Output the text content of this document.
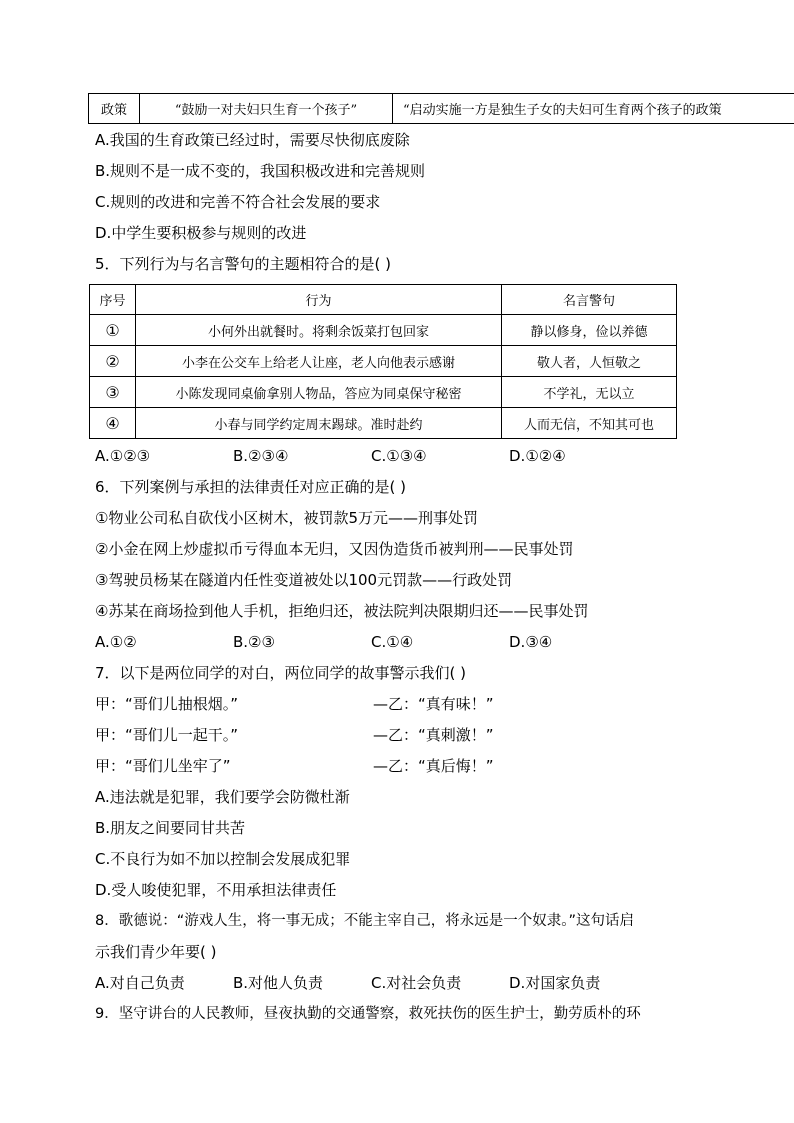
政策	“鼓励一对夫妇只生育一个孩子”	“启动实施一方是独生子女的夫妇可生育两个孩子的政策
A.我国的生育政策已经过时，需要尽快彻底废除
B.规则不是一成不变的，我国积极改进和完善规则
C.规则的改进和完善不符合社会发展的要求
D.中学生要积极参与规则的改进
5．下列行为与名言警句的主题相符合的是( )
序号	行为	名言警句
①	小何外出就餐时。将剩余饭菜打包回家	静以修身，俭以养德
②	小李在公交车上给老人让座，老人向他表示感谢	敬人者，人恒敬之
③	小陈发现同桌偷拿别人物品，答应为同桌保守秘密	不学礼，无以立
④	小春与同学约定周末踢球。准时赴约	人而无信，不知其可也
A.①②③	B.②③④	C.①③④	D.①②④
6．下列案例与承担的法律责任对应正确的是( )
①物业公司私自砍伐小区树木，被罚款5万元——刑事处罚
②小金在网上炒虚拟币亏得血本无归，又因伪造货币被判刑——民事处罚
③驾驶员杨某在隧道内任性变道被处以100元罚款——行政处罚
④苏某在商场捡到他人手机，拒绝归还，被法院判决限期归还——民事处罚
A.①②	B.②③	C.①④	D.③④
7．以下是两位同学的对白，两位同学的故事警示我们( )
甲：“哥们儿抽根烟。”	—乙：“真有味！”
甲：“哥们儿一起干。”	—乙：“真刺激！”
甲：“哥们儿坐牢了”	—乙：“真后悔！”
A.违法就是犯罪，我们要学会防微杜渐
B.朋友之间要同甘共苦
C.不良行为如不加以控制会发展成犯罪
D.受人唆使犯罪，不用承担法律责任
8．歌德说：“游戏人生，将一事无成；不能主宰自己，将永远是一个奴隶。”这句话启
示我们青少年要( )
A.对自己负责	B.对他人负责	C.对社会负责	D.对国家负责
9．坚守讲台的人民教师，昼夜执勤的交通警察，救死扶伤的医生护士，勤劳质朴的环
